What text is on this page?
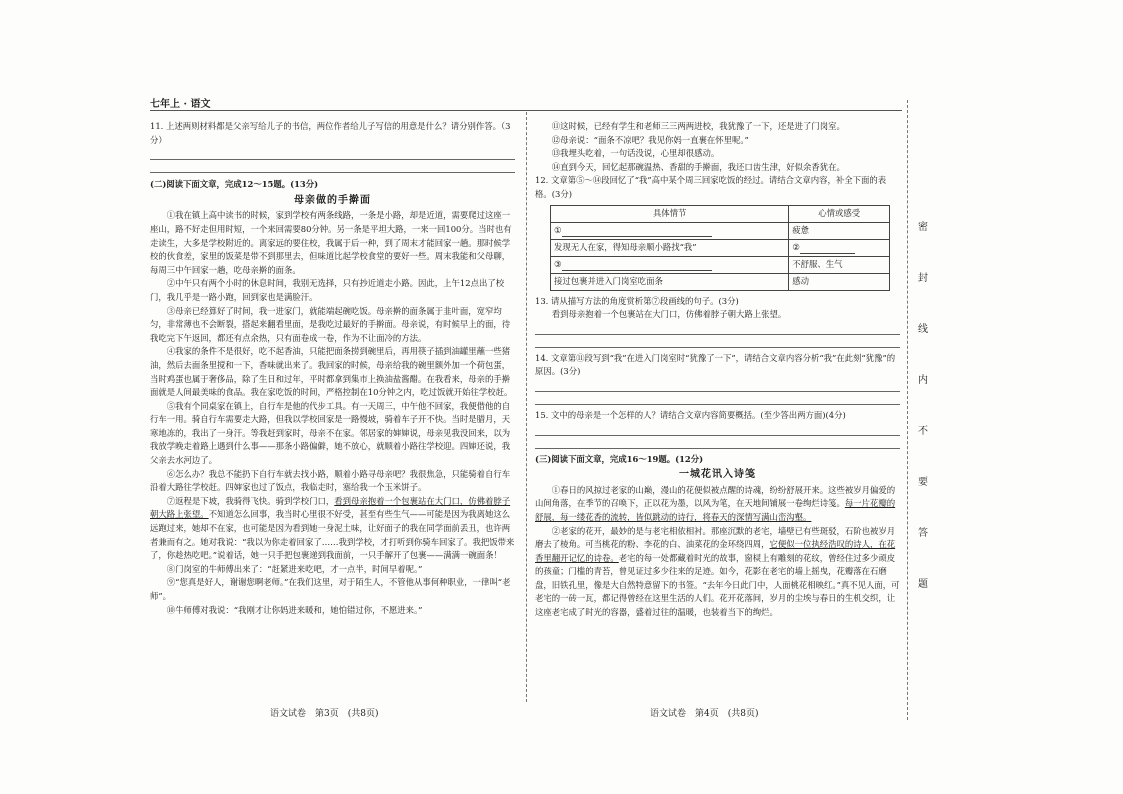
七年上 · 语文
密
封
线
内
不
要
答
题

11. 上述两则材料都是父亲写给儿子的书信，两位作者给儿子写信的用意是什么？请分别作答。（3分）

(二)阅读下面文章，完成12～15题。(13分)

母亲做的手擀面

①我在镇上高中读书的时候，家到学校有两条线路，一条是小路，却是近道，需要爬过这座一座山，路不好走但用时短，一个来回需要80分钟。另一条是平坦大路，一来一回100分。当时也有走读生，大多是学校附近的。离家远的要住校，我属于后一种，到了周末才能回家一趟。那时候学校的伙食差，家里的饭菜是带不到那里去，但味道比起学校食堂的要好一些。周末我能和父母聊，每周三中午回家一趟，吃母亲擀的面条。

②中午只有两个小时的休息时间，我别无选择，只有抄近道走小路。因此，上午12点出了校门，我几乎是一路小跑，回到家也是满脸汗。

③母亲已经算好了时间，我一进家门，就能端起碗吃饭。母亲擀的面条属于韭叶面，宽窄均匀，非常薄也不会断裂，搭起来翻看里面，是我吃过最好的手擀面。母亲说，有时候早上的面，待我吃完下午返回，都还有点余热，只有面卷成一卷，作为不让面冷的方法。

④我家的条件不是很好，吃不起香油，只能把面条捞到碗里后，再用筷子插到油罐里蘸一些猪油，然后去面条里搅和一下，香味就出来了。我回家的时候，母亲给我的碗里额外加一个荷包蛋，当时鸡蛋也属于奢侈品，除了生日和过年，平时都拿到集市上换油盐酱醋。在我看来，母亲的手擀面就是人间最美味的食品。我在家吃饭的时间，严格控制在10分钟之内，吃过饭就开始往学校赶。

⑤我有个同桌家在镇上，自行车是他的代步工具。有一天周三，中午他不回家，我便借他的自行车一用。骑自行车需要走大路，但我以学校回家是一路慢坡，骑着车子开不快。当时是腊月，天寒地冻的，我出了一身汗。等我赶到家时，母亲不在家。邻居家的婶婶说，母亲见我没回来，以为我放学晚走着路上遇到什么事——那条小路偏僻，她不放心，就顺着小路往学校迎。四婶还说，我父亲去水河边了。

⑥怎么办？我总不能扔下自行车就去找小路，顺着小路寻母亲吧？我很焦急，只能骑着自行车沿着大路往学校赶。四婶家也过了饭点，我临走时，塞给我一个玉米饼子。

⑦返程是下坡，我骑得飞快。骑到学校门口，看到母亲抱着一个包裹站在大门口，仿佛着脖子朝大路上张望。不知道怎么回事，我当时心里很不好受，甚至有些生气——可能是因为我离她这么远跑过来，她却不在家，也可能是因为看到她一身泥土味，让好面子的我在同学面前丢丑，也许两者兼而有之。她对我说：“我以为你走着回家了……我到学校，才打听到你骑车回家了。我把饭带来了，你趁热吃吧。”说着话，她一只手把包裹递到我面前，一只手解开了包裹——满满一碗面条！

⑧门岗室的牛师傅出来了：“赶紧进来吃吧，才一点半，时间早着呢。”

⑨“您真是好人，谢谢您啊老师。”在我们这里，对于陌生人，不管他从事何种职业，一律叫“老师”。

⑩牛师傅对我说：“我刚才让你妈进来暖和，她怕错过你，不愿进来。”

⑪这时候，已经有学生和老师三三两两进校，我犹豫了一下，还是进了门岗室。

⑫母亲说：“面条不凉吧？我见你妈一直裹在怀里呢。”

⑬我埋头吃着，一句话没说，心里却很感动。

⑭直到今天，回忆起那碗温热、香甜的手擀面，我还口齿生津，好似余香犹在。

12. 文章第⑤～⑭段回忆了“我”高中某个周三回家吃饭的经过。请结合文章内容，补全下面的表格。(3分)

具体情节	心情或感受
①	疲惫
发现无人在家，得知母亲顺小路找“我”	②
③	不舒服、生气
接过包裹并进入门岗室吃面条	感动

13. 请从描写方法的角度赏析第⑦段画线的句子。(3分)

看到母亲抱着一个包裹站在大门口，仿佛着脖子朝大路上张望。

14. 文章第⑪段写到“我”在进入门岗室时“犹豫了一下”，请结合文章内容分析“我”在此刻“犹豫”的原因。(3分)

15. 文中的母亲是一个怎样的人？请结合文章内容简要概括。(至少答出两方面)(4分)

(三)阅读下面文章，完成16～19题。(12分)

一城花讯入诗笺

①春日的风掠过老家的山巅，漫山的花便似被点醒的诗魂，纷纷舒展开来。这些被岁月偏爱的山间角落，在季节的召唤下，正以花为墨，以风为笔，在天地间铺展一卷绚烂诗笺。每一片花瓣的舒展，每一缕花香的流转，皆似跳动的诗行，将春天的深情写满山峦沟壑。

②老家的花开，最妙的是与老宅相依相衬。那座沉默的老宅，墙壁已有些斑驳，石阶也被岁月磨去了棱角。可当桃花的粉、李花的白、油菜花的金环绕四周，它便似一位执经浩叹的诗人，在花香里翻开记忆的诗卷。老宅的每一处都藏着时光的故事，窗棂上有雕刻的花纹，曾经住过多少顽皮的孩童；门槛的青苔，曾见证过多少往来的足迹。如今，花影在老宅的墙上摇曳，花瓣落在石磨盘，旧铁孔里，像是大自然特意留下的书签。“去年今日此门中，人面桃花相映红。”真不见人面，可老宅的一砖一瓦，都记得曾经在这里生活的人们。花开花落间，岁月的尘埃与春日的生机交织，让这座老宅成了时光的容器，盛着过往的温暖，也装着当下的绚烂。

语文试卷　第3页　(共8页)	语文试卷　第4页　(共8页)
